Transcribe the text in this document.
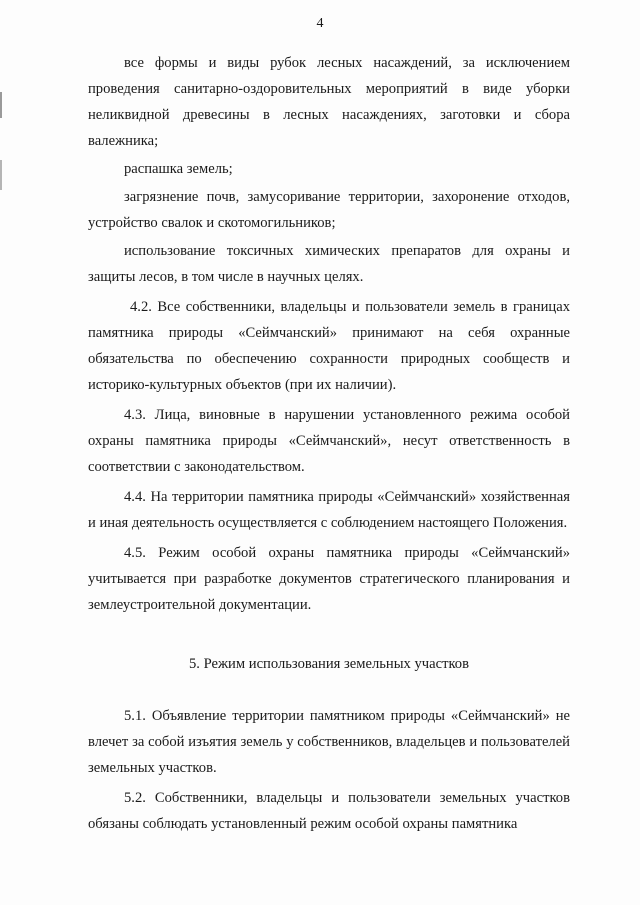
4

все формы и виды рубок лесных насаждений, за исключением проведения санитарно-оздоровительных мероприятий в виде уборки неликвидной древесины в лесных насаждениях, заготовки и сбора валежника;

распашка земель;

загрязнение почв, замусоривание территории, захоронение отходов, устройство свалок и скотомогильников;

использование токсичных химических препаратов для охраны и защиты лесов, в том числе в научных целях.

4.2. Все собственники, владельцы и пользователи земель в границах памятника природы «Сеймчанский» принимают на себя охранные обязательства по обеспечению сохранности природных сообществ и историко-культурных объектов (при их наличии).

4.3. Лица, виновные в нарушении установленного режима особой охраны памятника природы «Сеймчанский», несут ответственность в соответствии с законодательством.

4.4. На территории памятника природы «Сеймчанский» хозяйственная и иная деятельность осуществляется с соблюдением настоящего Положения.

4.5. Режим особой охраны памятника природы «Сеймчанский» учитывается при разработке документов стратегического планирования и землеустроительной документации.

5. Режим использования земельных участков

5.1. Объявление территории памятником природы «Сеймчанский» не влечет за собой изъятия земель у собственников, владельцев и пользователей земельных участков.

5.2. Собственники, владельцы и пользователи земельных участков обязаны соблюдать установленный режим особой охраны памятника
